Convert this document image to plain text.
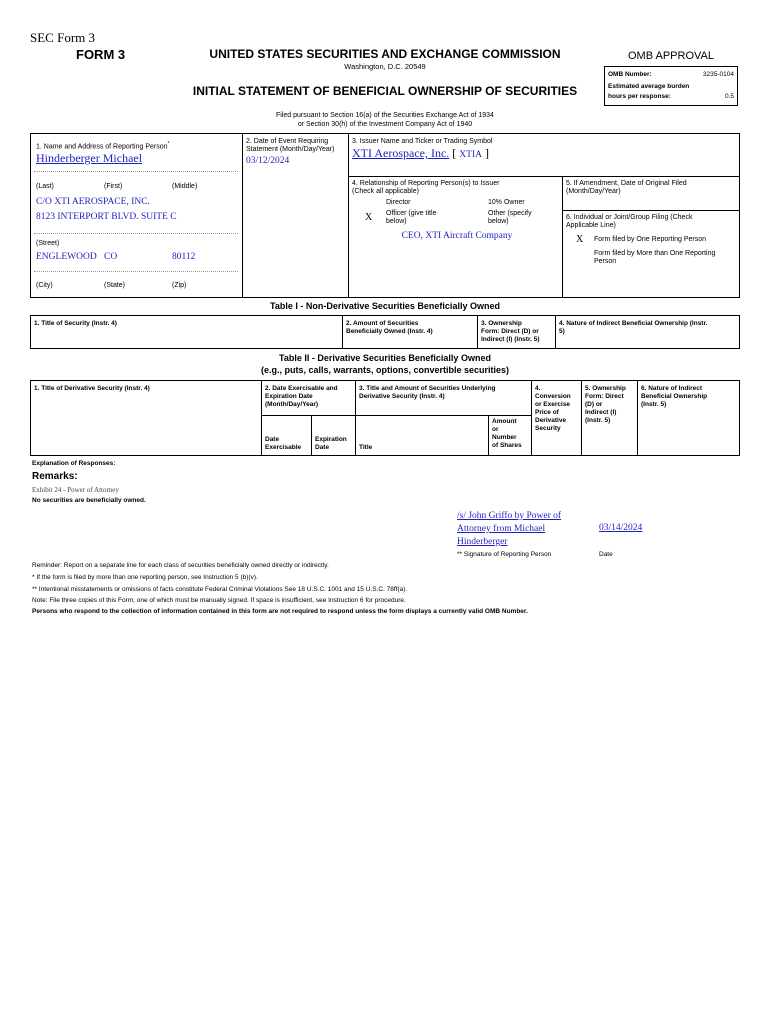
SEC Form 3
FORM 3	UNITED STATES SECURITIES AND EXCHANGE COMMISSION
Washington, D.C. 20549
INITIAL STATEMENT OF BENEFICIAL OWNERSHIP OF SECURITIES
Filed pursuant to Section 16(a) of the Securities Exchange Act of 1934
or Section 30(h) of the Investment Company Act of 1940
OMB APPROVAL
OMB Number:	3235-0104
Estimated average burden
hours per response:	0.5
1. Name and Address of Reporting Person*
Hinderberger Michael
(Last)	(First)	(Middle)
C/O XTI AEROSPACE, INC.
8123 INTERPORT BLVD. SUITE C
(Street)
ENGLEWOOD CO	80112
(City)	(State)	(Zip)
2. Date of Event Requiring
Statement (Month/Day/Year)
03/12/2024
3. Issuer Name and Ticker or Trading Symbol
XTI Aerospace, Inc. [ XTIA ]
4. Relationship of Reporting Person(s) to Issuer
(Check all applicable)
Director	10% Owner
X Officer (give title
below)
Other (specify
below)
CEO, XTI Aircraft Company
5. If Amendment, Date of Original Filed
(Month/Day/Year)
6. Individual or Joint/Group Filing (Check
Applicable Line)
X Form filed by One Reporting Person
Form filed by More than One Reporting
Person
Table I - Non-Derivative Securities Beneficially Owned
1. Title of Security (Instr. 4)	2. Amount of Securities
Beneficially Owned (Instr. 4)
3. Ownership
Form: Direct (D) or
Indirect (I) (Instr. 5)
4. Nature of Indirect Beneficial Ownership (Instr.
5)
Table II - Derivative Securities Beneficially Owned
(e.g., puts, calls, warrants, options, convertible securities)
1. Title of Derivative Security (Instr. 4)	2. Date Exercisable and
Expiration Date
(Month/Day/Year)
Date
Exercisable
Expiration
Date
3. Title and Amount of Securities Underlying
Derivative Security (Instr. 4)
Title
Amount
or
Number
of Shares
4.
Conversion
or Exercise
Price of
Derivative
Security
5. Ownership
Form: Direct
(D) or
Indirect (I)
(Instr. 5)
6. Nature of Indirect
Beneficial Ownership
(Instr. 5)
Explanation of Responses:
Remarks:
Exhibit 24 - Power of Attorney
No securities are beneficially owned.
/s/ John Griffo by Power of
Attorney from Michael
Hinderberger
03/14/2024
** Signature of Reporting Person	Date
Reminder: Report on a separate line for each class of securities beneficially owned directly or indirectly.
* If the form is filed by more than one reporting person, see Instruction 5 (b)(v).
** Intentional misstatements or omissions of facts constitute Federal Criminal Violations See 18 U.S.C. 1001 and 15 U.S.C. 78ff(a).
Note: File three copies of this Form, one of which must be manually signed. If space is insufficient, see Instruction 6 for procedure.
Persons who respond to the collection of information contained in this form are not required to respond unless the form displays a currently valid OMB Number.
